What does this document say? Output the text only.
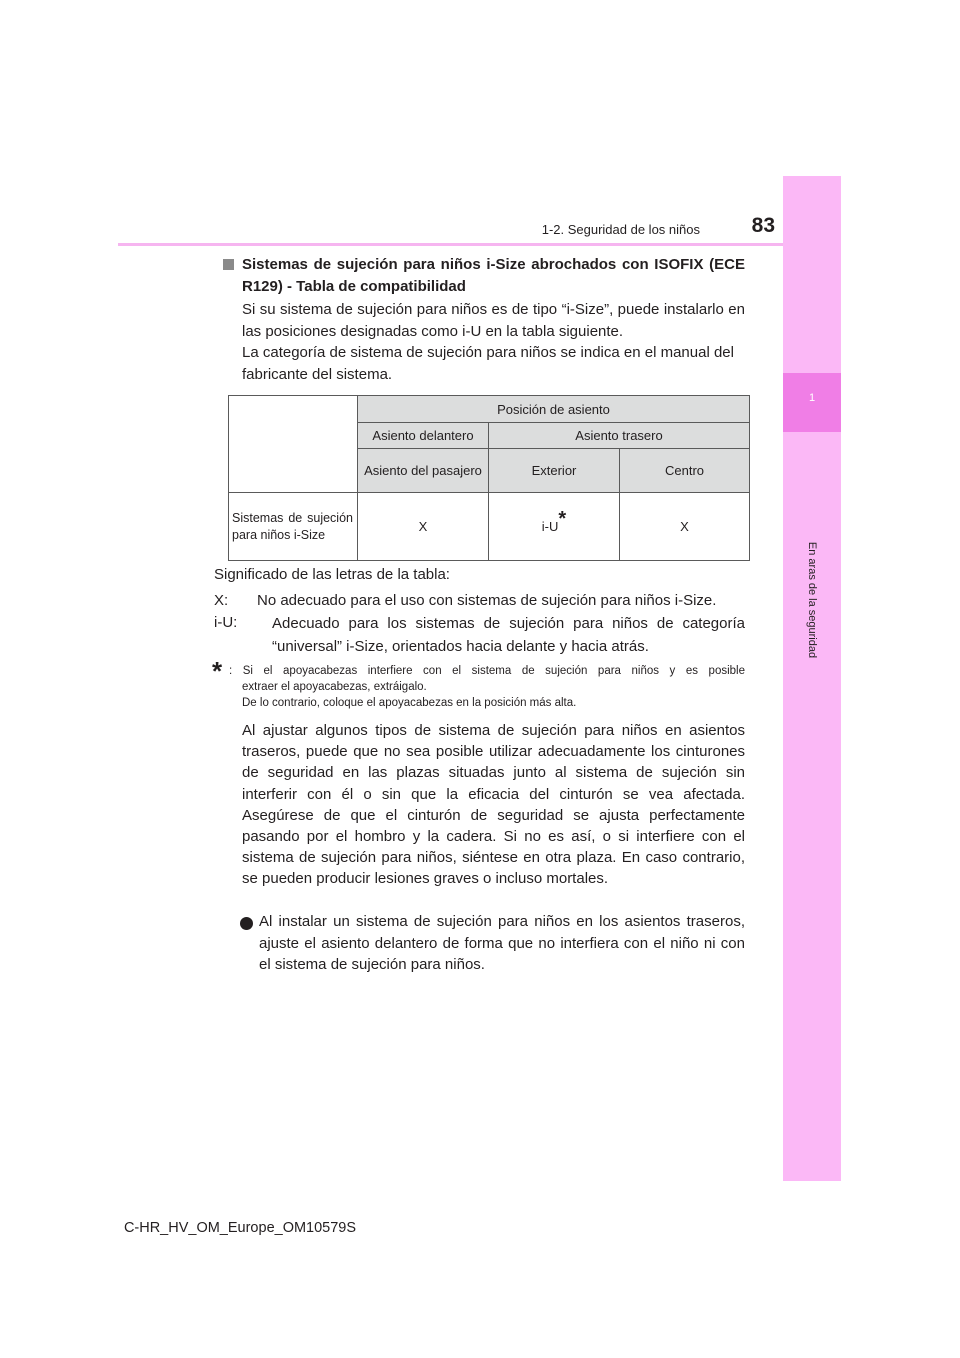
1-2. Seguridad de los niños	83
1
En aras de la seguridad
Sistemas de sujeción para niños i-Size abrochados con ISOFIX (ECE R129) - Tabla de compatibilidad
Si su sistema de sujeción para niños es de tipo “i-Size”, puede instalarlo en las posiciones designadas como i-U en la tabla siguiente.
La categoría de sistema de sujeción para niños se indica en el manual del fabricante del sistema.
	Posición de asiento		
	Asiento delantero	Asiento trasero	
	Asiento del pasajero	Exterior	Centro
Sistemas de sujeción para niños i-Size	X	i-U*	X
Significado de las letras de la tabla:
X: No adecuado para el uso con sistemas de sujeción para niños i-Size.
i-U: Adecuado para los sistemas de sujeción para niños de categoría “universal” i-Size, orientados hacia delante y hacia atrás.
* : Si el apoyacabezas interfiere con el sistema de sujeción para niños y es posible
extraer el apoyacabezas, extráigalo.
De lo contrario, coloque el apoyacabezas en la posición más alta.
Al ajustar algunos tipos de sistema de sujeción para niños en asientos traseros, puede que no sea posible utilizar adecuadamente los cinturones de seguridad en las plazas situadas junto al sistema de sujeción sin interferir con él o sin que la eficacia del cinturón se vea afectada. Asegúrese de que el cinturón de seguridad se ajusta perfectamente pasando por el hombro y la cadera. Si no es así, o si interfiere con el sistema de sujeción para niños, siéntese en otra plaza. En caso contrario, se pueden producir lesiones graves o incluso mortales.
Al instalar un sistema de sujeción para niños en los asientos traseros, ajuste el asiento delantero de forma que no interfiera con el niño ni con el sistema de sujeción para niños.
C-HR_HV_OM_Europe_OM10579S
